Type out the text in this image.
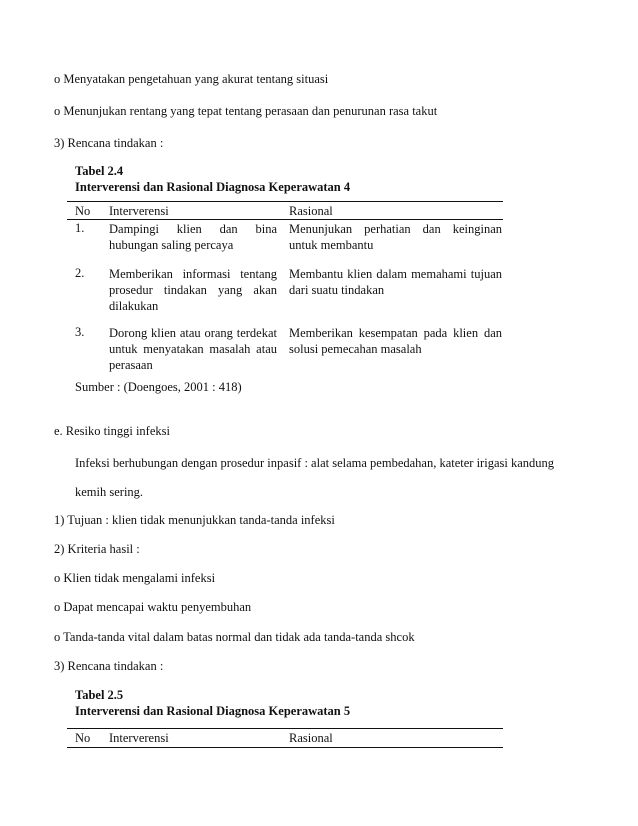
o Menyatakan pengetahuan yang akurat tentang situasi
o Menunjukan rentang yang tepat tentang perasaan dan penurunan rasa takut
3) Rencana tindakan :
Tabel 2.4
Interverensi dan Rasional Diagnosa Keperawatan 4
No Interverensi	Rasional
1. Dampingi klien dan bina
hubungan saling percaya
Menunjukan perhatian dan keinginan
untuk membantu
2. Memberikan informasi tentang
prosedur tindakan yang akan
dilakukan
Membantu klien dalam memahami tujuan
dari suatu tindakan
3. Dorong klien atau orang terdekat
untuk menyatakan masalah atau
perasaan
Memberikan kesempatan pada klien dan
solusi pemecahan masalah
Sumber : (Doengoes, 2001 : 418)
e. Resiko tinggi infeksi
Infeksi berhubungan dengan prosedur inpasif : alat selama pembedahan, kateter irigasi kandung
kemih sering.
1) Tujuan : klien tidak menunjukkan tanda-tanda infeksi
2) Kriteria hasil :
o Klien tidak mengalami infeksi
o Dapat mencapai waktu penyembuhan
o Tanda-tanda vital dalam batas normal dan tidak ada tanda-tanda shcok
3) Rencana tindakan :
Tabel 2.5
Interverensi dan Rasional Diagnosa Keperawatan 5
No Interverensi	Rasional
